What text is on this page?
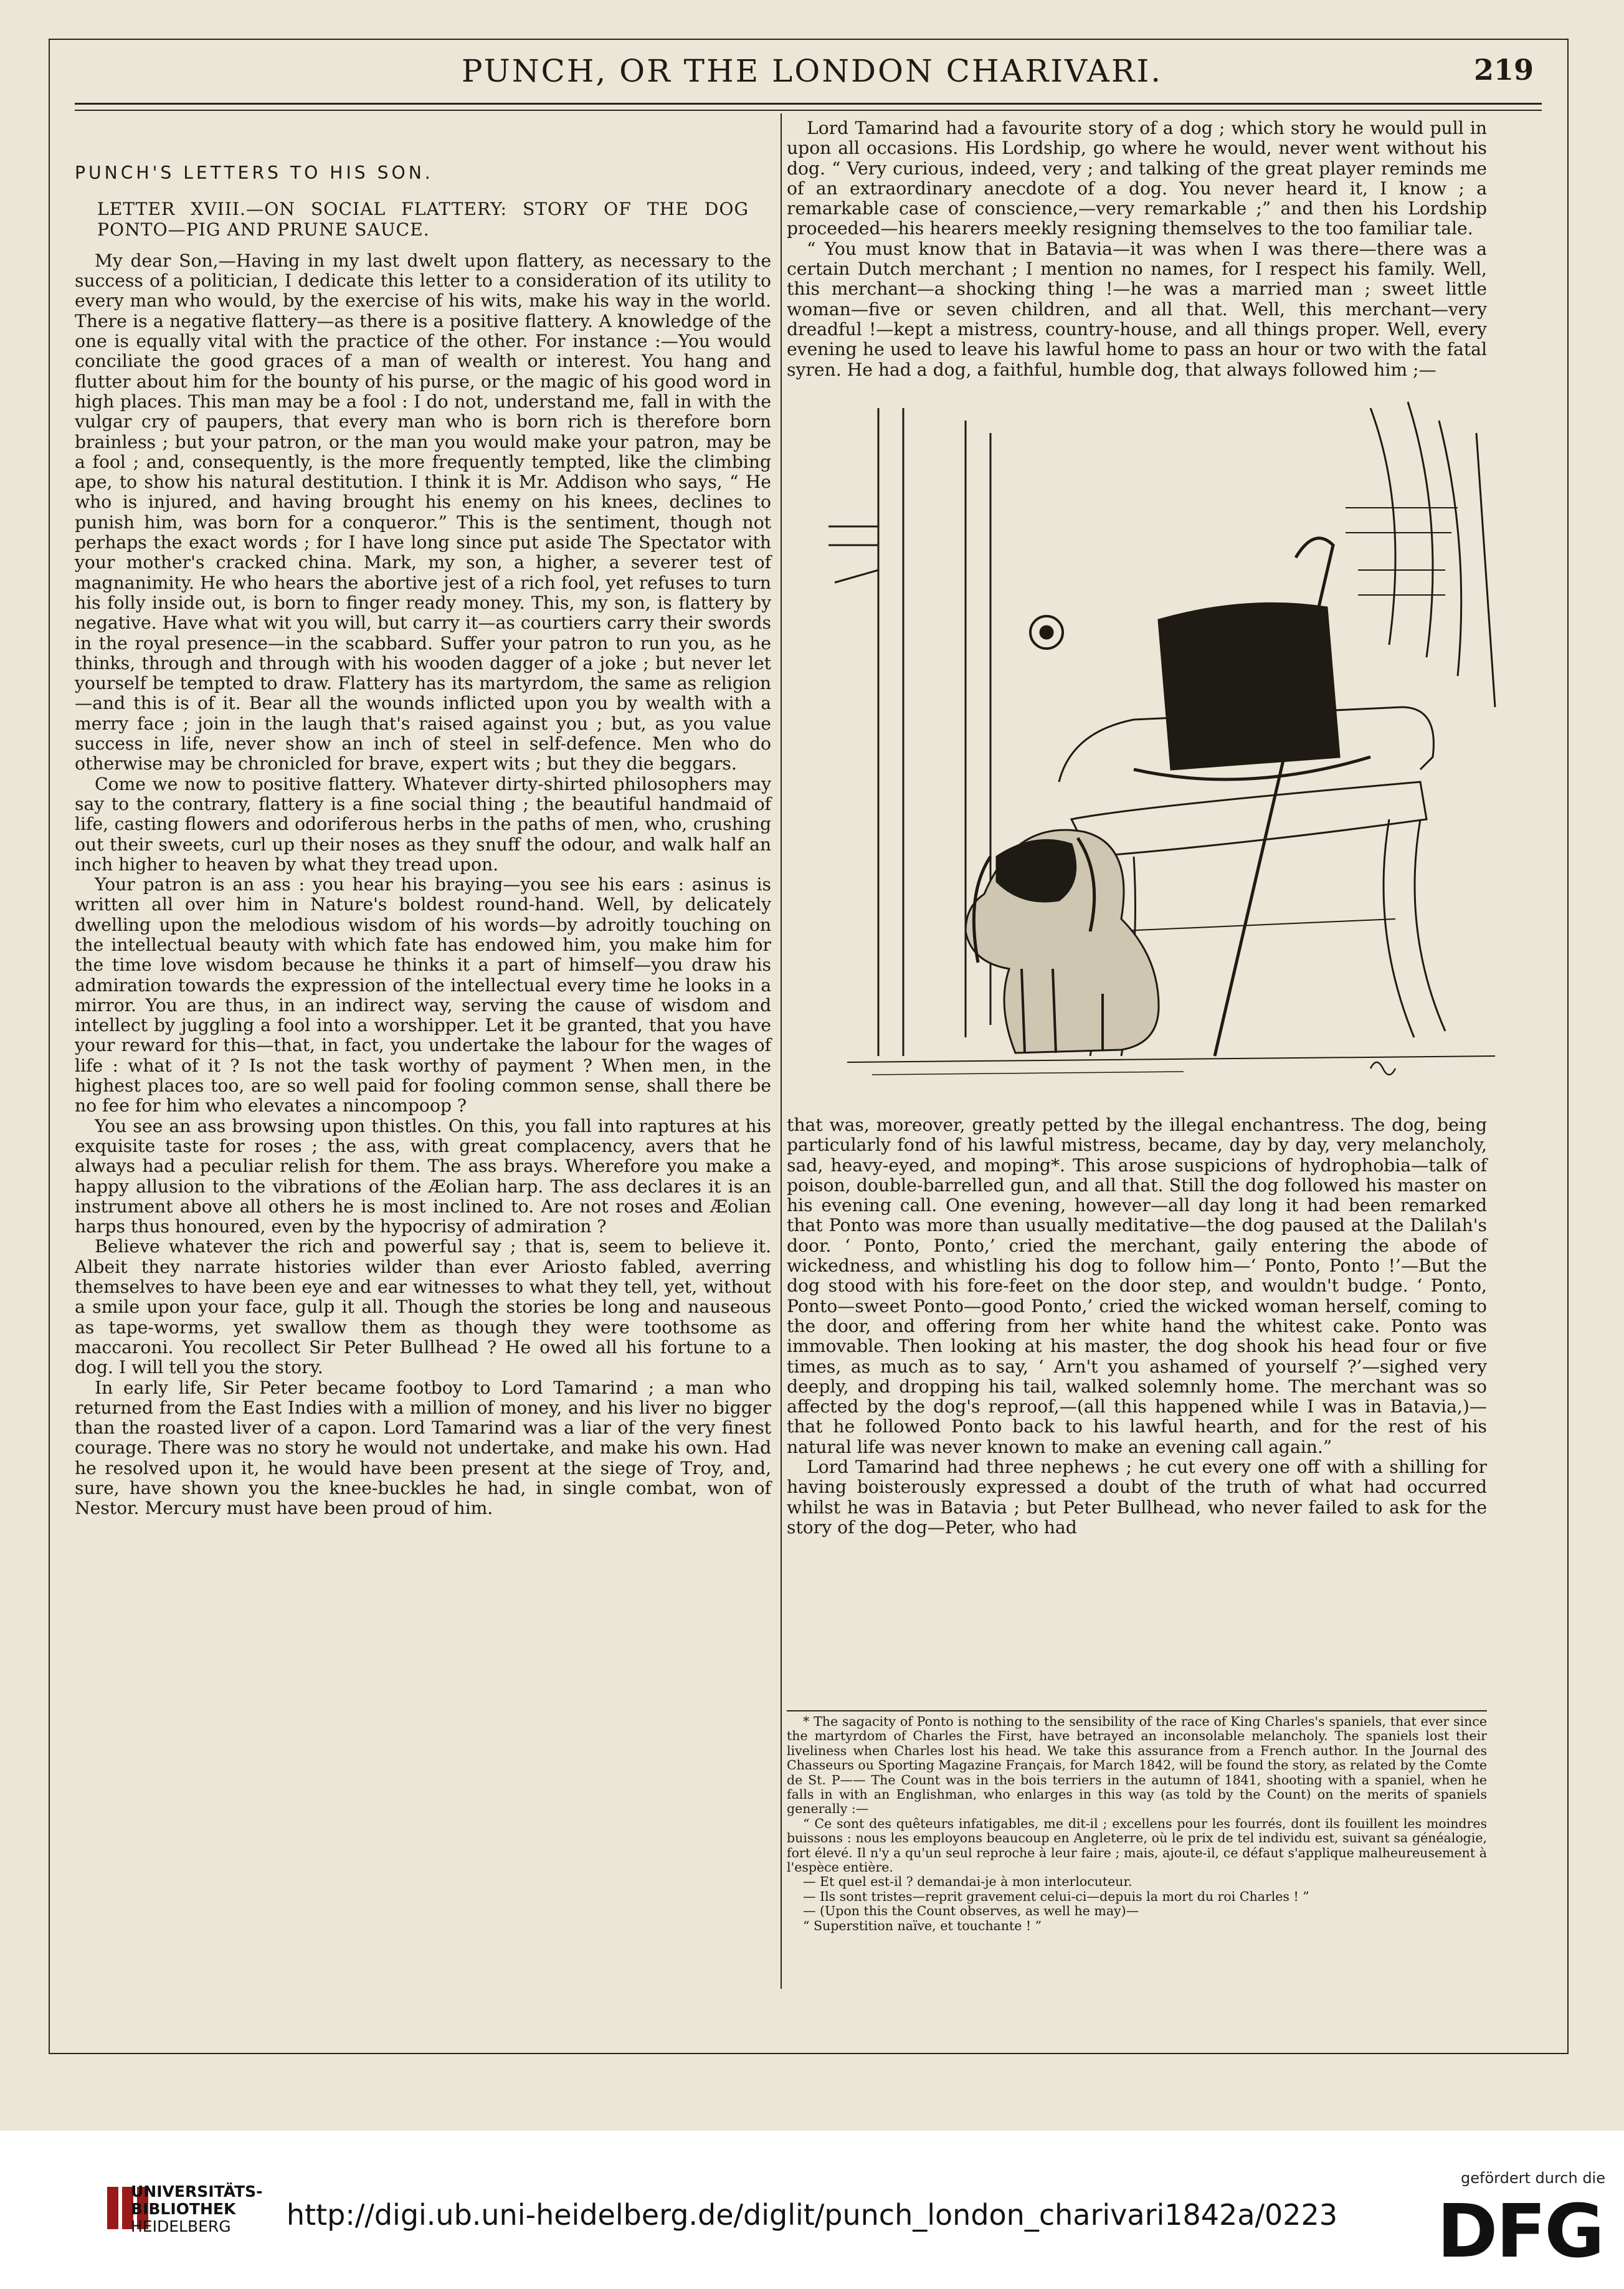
PUNCH, OR THE LONDON CHARIVARI.	219

PUNCH'S LETTERS TO HIS SON.

LETTER XVIII.—ON SOCIAL FLATTERY: STORY OF THE DOG PONTO—PIG AND PRUNE SAUCE.

My dear Son,—Having in my last dwelt upon flattery, as necessary to the success of a politician, I dedicate this letter to a consideration of its utility to every man who would, by the exercise of his wits, make his way in the world. There is a negative flattery—as there is a positive flattery. A knowledge of the one is equally vital with the practice of the other. For instance :—You would conciliate the good graces of a man of wealth or interest. You hang and flutter about him for the bounty of his purse, or the magic of his good word in high places. This man may be a fool : I do not, understand me, fall in with the vulgar cry of paupers, that every man who is born rich is therefore born brainless ; but your patron, or the man you would make your patron, may be a fool ; and, consequently, is the more frequently tempted, like the climbing ape, to show his natural destitution. I think it is Mr. Addison who says, “ He who is injured, and having brought his enemy on his knees, declines to punish him, was born for a conqueror.” This is the sentiment, though not perhaps the exact words ; for I have long since put aside The Spectator with your mother's cracked china. Mark, my son, a higher, a severer test of magnanimity. He who hears the abortive jest of a rich fool, yet refuses to turn his folly inside out, is born to finger ready money. This, my son, is flattery by negative. Have what wit you will, but carry it—as courtiers carry their swords in the royal presence—in the scabbard. Suffer your patron to run you, as he thinks, through and through with his wooden dagger of a joke ; but never let yourself be tempted to draw. Flattery has its martyrdom, the same as religion—and this is of it. Bear all the wounds inflicted upon you by wealth with a merry face ; join in the laugh that's raised against you ; but, as you value success in life, never show an inch of steel in self-defence. Men who do otherwise may be chronicled for brave, expert wits ; but they die beggars.

Come we now to positive flattery. Whatever dirty-shirted philosophers may say to the contrary, flattery is a fine social thing ; the beautiful handmaid of life, casting flowers and odoriferous herbs in the paths of men, who, crushing out their sweets, curl up their noses as they snuff the odour, and walk half an inch higher to heaven by what they tread upon.

Your patron is an ass : you hear his braying—you see his ears : asinus is written all over him in Nature's boldest round-hand. Well, by delicately dwelling upon the melodious wisdom of his words—by adroitly touching on the intellectual beauty with which fate has endowed him, you make him for the time love wisdom because he thinks it a part of himself—you draw his admiration towards the expression of the intellectual every time he looks in a mirror. You are thus, in an indirect way, serving the cause of wisdom and intellect by juggling a fool into a worshipper. Let it be granted, that you have your reward for this—that, in fact, you undertake the labour for the wages of life : what of it ? Is not the task worthy of payment ? When men, in the highest places too, are so well paid for fooling common sense, shall there be no fee for him who elevates a nincompoop ?

You see an ass browsing upon thistles. On this, you fall into raptures at his exquisite taste for roses ; the ass, with great complacency, avers that he always had a peculiar relish for them. The ass brays. Wherefore you make a happy allusion to the vibrations of the Æolian harp. The ass declares it is an instrument above all others he is most inclined to. Are not roses and Æolian harps thus honoured, even by the hypocrisy of admiration ?

Believe whatever the rich and powerful say ; that is, seem to believe it. Albeit they narrate histories wilder than ever Ariosto fabled, averring themselves to have been eye and ear witnesses to what they tell, yet, without a smile upon your face, gulp it all. Though the stories be long and nauseous as tape-worms, yet swallow them as though they were toothsome as maccaroni. You recollect Sir Peter Bullhead ? He owed all his fortune to a dog. I will tell you the story.

In early life, Sir Peter became footboy to Lord Tamarind ; a man who returned from the East Indies with a million of money, and his liver no bigger than the roasted liver of a capon. Lord Tamarind was a liar of the very finest courage. There was no story he would not undertake, and make his own. Had he resolved upon it, he would have been present at the siege of Troy, and, sure, have shown you the knee-buckles he had, in single combat, won of Nestor. Mercury must have been proud of him.

Lord Tamarind had a favourite story of a dog ; which story he would pull in upon all occasions. His Lordship, go where he would, never went without his dog. “ Very curious, indeed, very ; and talking of the great player reminds me of an extraordinary anecdote of a dog. You never heard it, I know ; a remarkable case of conscience,—very remarkable ;” and then his Lordship proceeded—his hearers meekly resigning themselves to the too familiar tale.

“ You must know that in Batavia—it was when I was there—there was a certain Dutch merchant ; I mention no names, for I respect his family. Well, this merchant—a shocking thing !—he was a married man ; sweet little woman—five or seven children, and all that. Well, this merchant—very dreadful !—kept a mistress, country-house, and all things proper. Well, every evening he used to leave his lawful home to pass an hour or two with the fatal syren. He had a dog, a faithful, humble dog, that always followed him ;—

that was, moreover, greatly petted by the illegal enchantress. The dog, being particularly fond of his lawful mistress, became, day by day, very melancholy, sad, heavy-eyed, and moping*. This arose suspicions of hydrophobia—talk of poison, double-barrelled gun, and all that. Still the dog followed his master on his evening call. One evening, however—all day long it had been remarked that Ponto was more than usually meditative—the dog paused at the Dalilah's door. ‘ Ponto, Ponto,’ cried the merchant, gaily entering the abode of wickedness, and whistling his dog to follow him—‘ Ponto, Ponto !’—But the dog stood with his fore-feet on the door step, and wouldn't budge. ‘ Ponto, Ponto—sweet Ponto—good Ponto,’ cried the wicked woman herself, coming to the door, and offering from her white hand the whitest cake. Ponto was immovable. Then looking at his master, the dog shook his head four or five times, as much as to say, ‘ Arn't you ashamed of yourself ?’—sighed very deeply, and dropping his tail, walked solemnly home. The merchant was so affected by the dog's reproof,—(all this happened while I was in Batavia,)—that he followed Ponto back to his lawful hearth, and for the rest of his natural life was never known to make an evening call again.”

Lord Tamarind had three nephews ; he cut every one off with a shilling for having boisterously expressed a doubt of the truth of what had occurred whilst he was in Batavia ; but Peter Bullhead, who never failed to ask for the story of the dog—Peter, who had

* The sagacity of Ponto is nothing to the sensibility of the race of King Charles's spaniels, that ever since the martyrdom of Charles the First, have betrayed an inconsolable melancholy. The spaniels lost their liveliness when Charles lost his head. We take this assurance from a French author. In the Journal des Chasseurs ou Sporting Magazine Français, for March 1842, will be found the story, as related by the Comte de St. P—— The Count was in the bois terriers in the autumn of 1841, shooting with a spaniel, when he falls in with an Englishman, who enlarges in this way (as told by the Count) on the merits of spaniels generally :—

“ Ce sont des quêteurs infatigables, me dit-il ; excellens pour les fourrés, dont ils fouillent les moindres buissons : nous les employons beaucoup en Angleterre, où le prix de tel individu est, suivant sa généalogie, fort élevé. Il n'y a qu'un seul reproche à leur faire ; mais, ajoute-il, ce défaut s'applique malheureusement à l'espèce entière.

— Et quel est-il ? demandai-je à mon interlocuteur.

— Ils sont tristes—reprit gravement celui-ci—depuis la mort du roi Charles ! ”

— (Upon this the Count observes, as well he may)—

“ Superstition naïve, et touchante ! ”

UNIVERSITÄTS-
BIBLIOTHEK
HEIDELBERG	http://digi.ub.uni-heidelberg.de/diglit/punch_london_charivari1842a/0223
gefördert durch die
DFG
